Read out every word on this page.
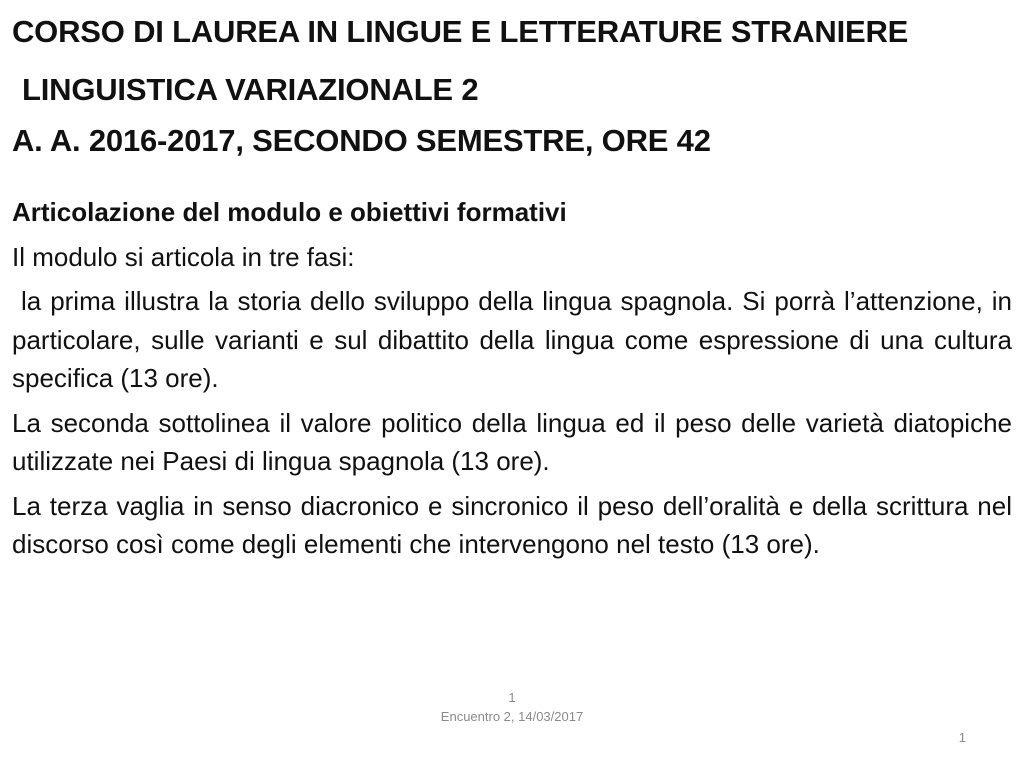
CORSO DI LAUREA IN LINGUE E LETTERATURE STRANIERE

LINGUISTICA VARIAZIONALE 2

A. A. 2016-2017, SECONDO SEMESTRE, ORE 42

Articolazione del modulo e obiettivi formativi

Il modulo si articola in tre fasi:

la prima illustra la storia dello sviluppo della lingua spagnola. Si porrà l’attenzione, in particolare, sulle varianti e sul dibattito della lingua come espressione di una cultura specifica (13 ore).

La seconda sottolinea il valore politico della lingua ed il peso delle varietà diatopiche utilizzate nei Paesi di lingua spagnola (13 ore).

La terza vaglia in senso diacronico e sincronico il peso dell’oralità e della scrittura nel discorso così come degli elementi che intervengono nel testo (13 ore).

1
Encuentro 2, 14/03/2017
1
